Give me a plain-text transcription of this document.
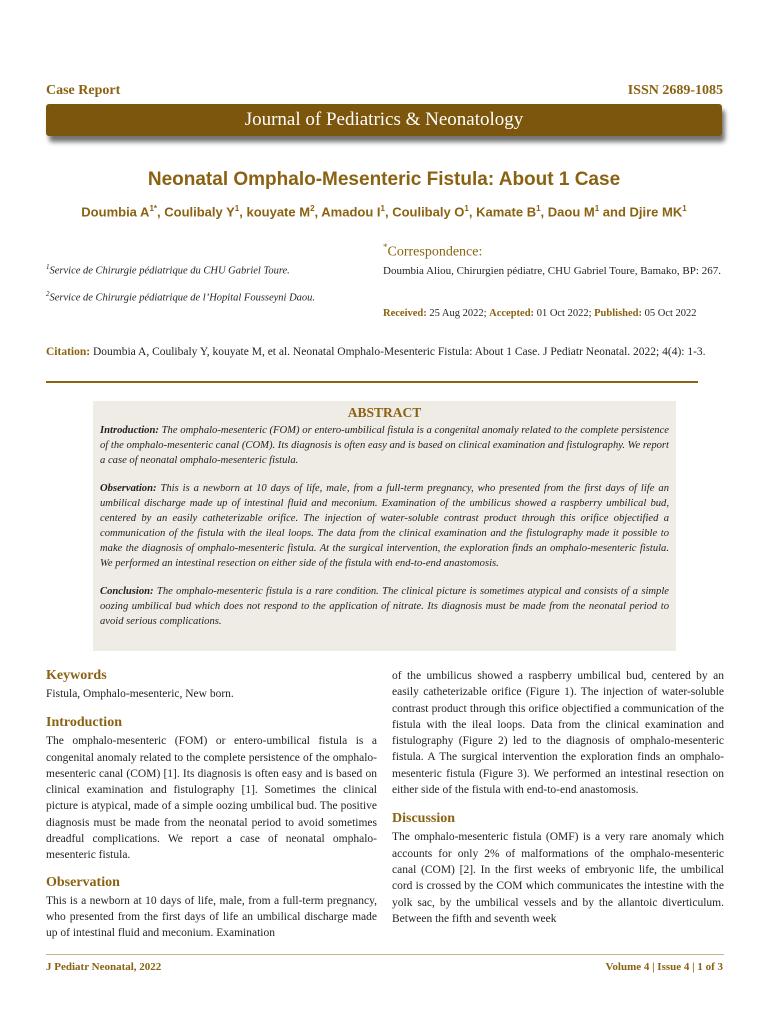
Case Report	ISSN 2689-1085
Journal of Pediatrics & Neonatology
Neonatal Omphalo-Mesenteric Fistula: About 1 Case
Doumbia $A^{1*}$, Coulibaly $Y^1$, kouyate $M^2$, Amadou $I^1$, Coulibaly $O^1$, Kamate $B^1$, Daou $M^1$ and Djire $MK^1$
$^1$Service de Chirurgie pédiatrique du CHU Gabriel Toure.
$^2$Service de Chirurgie pédiatrique de l’Hopital Fousseyni Daou.
*Correspondence:
Doumbia Aliou, Chirurgien pédiatre, CHU Gabriel Toure, Bamako, BP: 267.
Received: 25 Aug 2022; Accepted: 01 Oct 2022; Published: 05 Oct 2022
Citation: Doumbia A, Coulibaly Y, kouyate M, et al. Neonatal Omphalo-Mesenteric Fistula: About 1 Case. J Pediatr Neonatal. 2022; 4(4): 1-3.
ABSTRACT

Introduction: The omphalo-mesenteric (FOM) or entero-umbilical fistula is a congenital anomaly related to the complete persistence of the omphalo-mesenteric canal (COM). Its diagnosis is often easy and is based on clinical examination and fistulography. We report a case of neonatal omphalo-mesenteric fistula.

Observation: This is a newborn at 10 days of life, male, from a full-term pregnancy, who presented from the first days of life an umbilical discharge made up of intestinal fluid and meconium. Examination of the umbilicus showed a raspberry umbilical bud, centered by an easily catheterizable orifice. The injection of water-soluble contrast product through this orifice objectified a communication of the fistula with the ileal loops. The data from the clinical examination and the fistulography made it possible to make the diagnosis of omphalo-mesenteric fistula. At the surgical intervention, the exploration finds an omphalo-mesenteric fistula. We performed an intestinal resection on either side of the fistula with end-to-end anastomosis.

Conclusion: The omphalo-mesenteric fistula is a rare condition. The clinical picture is sometimes atypical and consists of a simple oozing umbilical bud which does not respond to the application of nitrate. Its diagnosis must be made from the neonatal period to avoid serious complications.

Keywords

Fistula, Omphalo-mesenteric, New born.

Introduction

The omphalo-mesenteric (FOM) or entero-umbilical fistula is a congenital anomaly related to the complete persistence of the omphalo-mesenteric canal (COM) [1]. Its diagnosis is often easy and is based on clinical examination and fistulography [1]. Sometimes the clinical picture is atypical, made of a simple oozing umbilical bud. The positive diagnosis must be made from the neonatal period to avoid sometimes dreadful complications. We report a case of neonatal omphalo-mesenteric fistula.

Observation

This is a newborn at 10 days of life, male, from a full-term pregnancy, who presented from the first days of life an umbilical discharge made up of intestinal fluid and meconium. Examination

of the umbilicus showed a raspberry umbilical bud, centered by an easily catheterizable orifice (Figure 1). The injection of water-soluble contrast product through this orifice objectified a communication of the fistula with the ileal loops. Data from the clinical examination and fistulography (Figure 2) led to the diagnosis of omphalo-mesenteric fistula. A The surgical intervention the exploration finds an omphalo-mesenteric fistula (Figure 3). We performed an intestinal resection on either side of the fistula with end-to-end anastomosis.

Discussion

The omphalo-mesenteric fistula (OMF) is a very rare anomaly which accounts for only 2% of malformations of the omphalo-mesenteric canal (COM) [2]. In the first weeks of embryonic life, the umbilical cord is crossed by the COM which communicates the intestine with the yolk sac, by the umbilical vessels and by the allantoic diverticulum. Between the fifth and seventh week

J Pediatr Neonatal, 2022	Volume 4 | Issue 4 | 1 of 3
